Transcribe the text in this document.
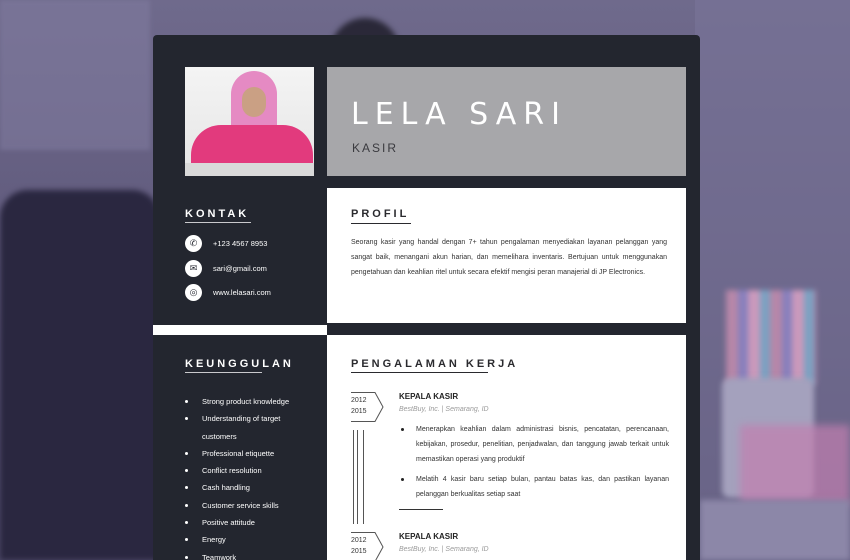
LELA SARI
KASIR
KONTAK
✆	+123 4567 8953
✉	sari@gmail.com
◎	www.lelasari.com
PROFIL
Seorang kasir yang handal dengan 7+ tahun pengalaman menyediakan layanan pelanggan yang sangat baik, menangani akun harian, dan memelihara inventaris. Bertujuan untuk menggunakan pengetahuan dan keahlian ritel untuk secara efektif mengisi peran manajerial di JP Electronics.
KEUNGGULAN
Strong product knowledge
Understanding of target customers
Professional etiquette
Conflict resolution
Cash handling
Customer service skills
Positive attitude
Energy
Teamwork
PENGALAMAN KERJA
2012
2015
KEPALA KASIR
BestBuy, Inc. | Semarang, ID
Menerapkan keahlian dalam administrasi bisnis, pencatatan, perencanaan, kebijakan, prosedur, penelitian, penjadwalan, dan tanggung jawab terkait untuk memastikan operasi yang produktif
Melatih 4 kasir baru setiap bulan, pantau batas kas, dan pastikan layanan pelanggan berkualitas setiap saat
2012
2015
KEPALA KASIR
BestBuy, Inc. | Semarang, ID
